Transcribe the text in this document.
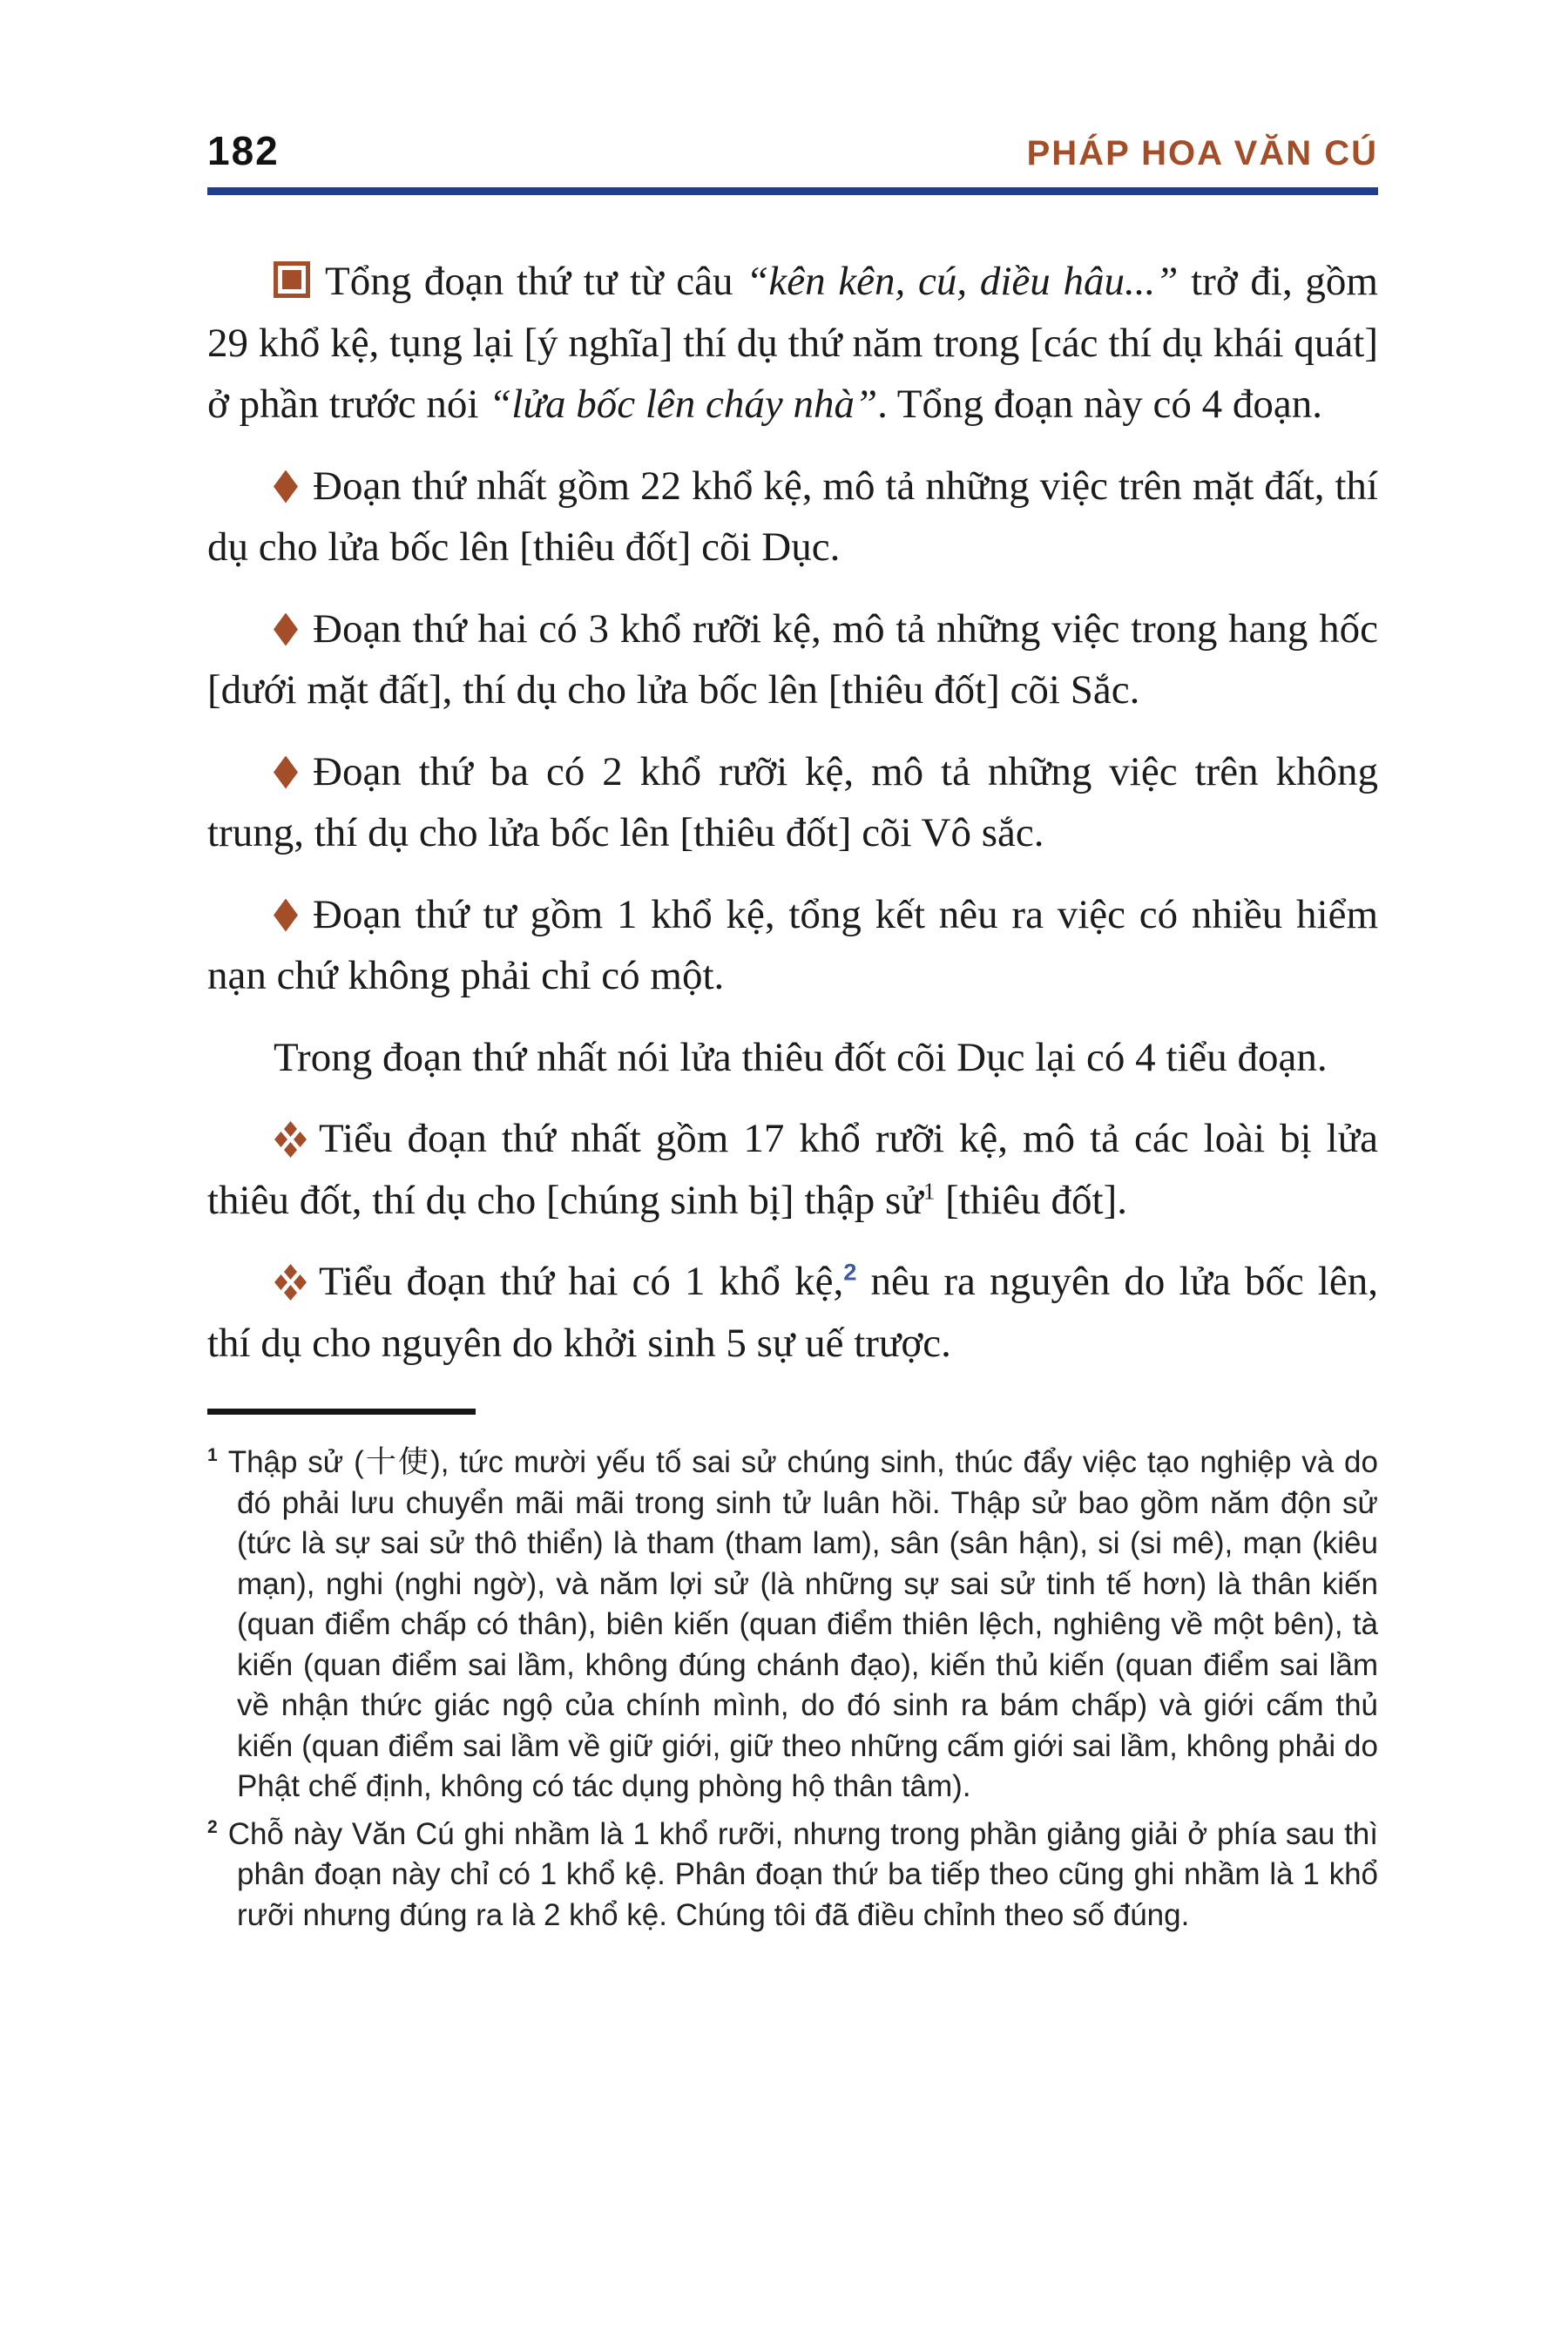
182	PHÁP HOA VĂN CÚ

Tổng đoạn thứ tư từ câu “kên kên, cú, diều hâu...” trở đi, gồm 29 khổ kệ, tụng lại [ý nghĩa] thí dụ thứ năm trong [các thí dụ khái quát] ở phần trước nói “lửa bốc lên cháy nhà”. Tổng đoạn này có 4 đoạn.

Đoạn thứ nhất gồm 22 khổ kệ, mô tả những việc trên mặt đất, thí dụ cho lửa bốc lên [thiêu đốt] cõi Dục.

Đoạn thứ hai có 3 khổ rưỡi kệ, mô tả những việc trong hang hốc [dưới mặt đất], thí dụ cho lửa bốc lên [thiêu đốt] cõi Sắc.

Đoạn thứ ba có 2 khổ rưỡi kệ, mô tả những việc trên không trung, thí dụ cho lửa bốc lên [thiêu đốt] cõi Vô sắc.

Đoạn thứ tư gồm 1 khổ kệ, tổng kết nêu ra việc có nhiều hiểm nạn chứ không phải chỉ có một.

Trong đoạn thứ nhất nói lửa thiêu đốt cõi Dục lại có 4 tiểu đoạn.

Tiểu đoạn thứ nhất gồm 17 khổ rưỡi kệ, mô tả các loài bị lửa thiêu đốt, thí dụ cho [chúng sinh bị] thập sử$^1$ [thiêu đốt].

Tiểu đoạn thứ hai có 1 khổ kệ,$^2$ nêu ra nguyên do lửa bốc lên, thí dụ cho nguyên do khởi sinh 5 sự uế trược.

$^1$ Thập sử (十使), tức mười yếu tố sai sử chúng sinh, thúc đẩy việc tạo nghiệp và do đó phải lưu chuyển mãi mãi trong sinh tử luân hồi. Thập sử bao gồm năm độn sử (tức là sự sai sử thô thiển) là tham (tham lam), sân (sân hận), si (si mê), mạn (kiêu mạn), nghi (nghi ngờ), và năm lợi sử (là những sự sai sử tinh tế hơn) là thân kiến (quan điểm chấp có thân), biên kiến (quan điểm thiên lệch, nghiêng về một bên), tà kiến (quan điểm sai lầm, không đúng chánh đạo), kiến thủ kiến (quan điểm sai lầm về nhận thức giác ngộ của chính mình, do đó sinh ra bám chấp) và giới cấm thủ kiến (quan điểm sai lầm về giữ giới, giữ theo những cấm giới sai lầm, không phải do Phật chế định, không có tác dụng phòng hộ thân tâm).

$^2$ Chỗ này Văn Cú ghi nhầm là 1 khổ rưỡi, nhưng trong phần giảng giải ở phía sau thì phân đoạn này chỉ có 1 khổ kệ. Phân đoạn thứ ba tiếp theo cũng ghi nhầm là 1 khổ rưỡi nhưng đúng ra là 2 khổ kệ. Chúng tôi đã điều chỉnh theo số đúng.
